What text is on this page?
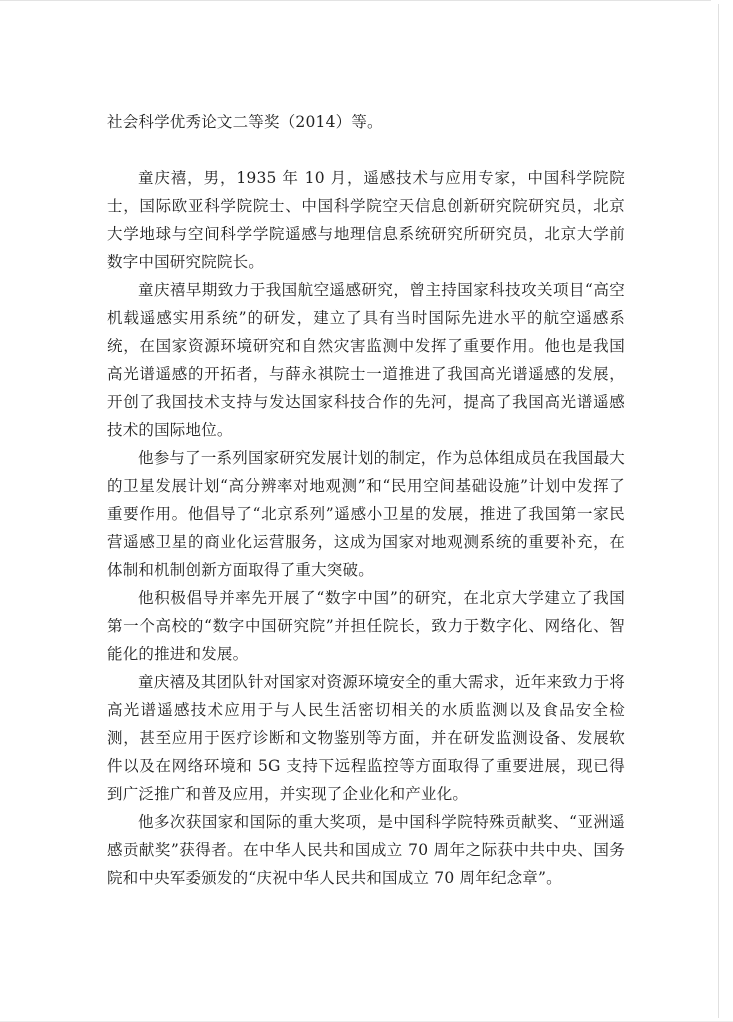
社会科学优秀论文二等奖（2014）等。

童庆禧，男，1935 年 10 月，遥感技术与应用专家，中国科学院院士，国际欧亚科学院院士、中国科学院空天信息创新研究院研究员，北京大学地球与空间科学学院遥感与地理信息系统研究所研究员，北京大学前数字中国研究院院长。

童庆禧早期致力于我国航空遥感研究，曾主持国家科技攻关项目“高空机载遥感实用系统”的研发，建立了具有当时国际先进水平的航空遥感系统，在国家资源环境研究和自然灾害监测中发挥了重要作用。他也是我国高光谱遥感的开拓者，与薛永祺院士一道推进了我国高光谱遥感的发展，开创了我国技术支持与发达国家科技合作的先河，提高了我国高光谱遥感技术的国际地位。

他参与了一系列国家研究发展计划的制定，作为总体组成员在我国最大的卫星发展计划“高分辨率对地观测”和“民用空间基础设施”计划中发挥了重要作用。他倡导了“北京系列”遥感小卫星的发展，推进了我国第一家民营遥感卫星的商业化运营服务，这成为国家对地观测系统的重要补充，在体制和机制创新方面取得了重大突破。

他积极倡导并率先开展了“数字中国”的研究，在北京大学建立了我国第一个高校的“数字中国研究院”并担任院长，致力于数字化、网络化、智能化的推进和发展。

童庆禧及其团队针对国家对资源环境安全的重大需求，近年来致力于将高光谱遥感技术应用于与人民生活密切相关的水质监测以及食品安全检测，甚至应用于医疗诊断和文物鉴别等方面，并在研发监测设备、发展软件以及在网络环境和 5G 支持下远程监控等方面取得了重要进展，现已得到广泛推广和普及应用，并实现了企业化和产业化。

他多次获国家和国际的重大奖项，是中国科学院特殊贡献奖、“亚洲遥感贡献奖”获得者。在中华人民共和国成立 70 周年之际获中共中央、国务院和中央军委颁发的“庆祝中华人民共和国成立 70 周年纪念章”。
